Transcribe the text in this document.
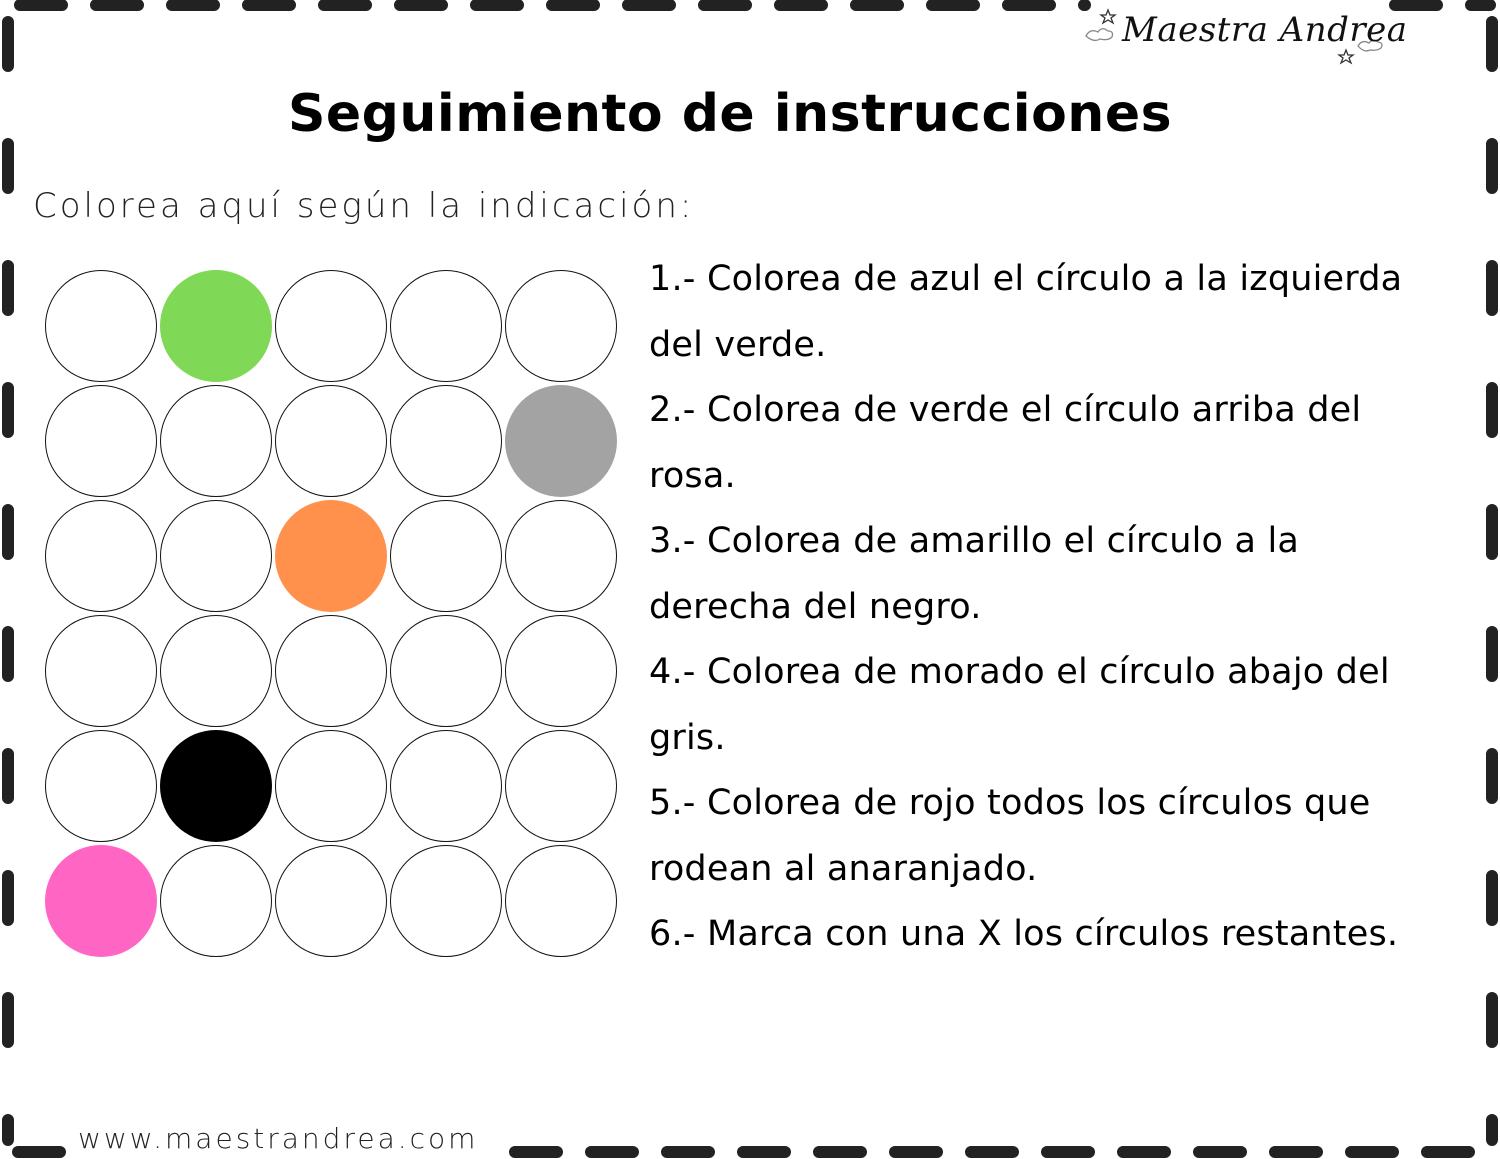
Maestra Andrea
Seguimiento de instrucciones
Colorea aquí según la indicación:
1.- Colorea de azul el círculo a la izquierda
del verde.
2.- Colorea de verde el círculo arriba del
rosa.
3.- Colorea de amarillo el círculo a la
derecha del negro.
4.- Colorea de morado el círculo abajo del
gris.
5.- Colorea de rojo todos los círculos que
rodean al anaranjado.
6.- Marca con una X los círculos restantes.
www.maestrandrea.com
